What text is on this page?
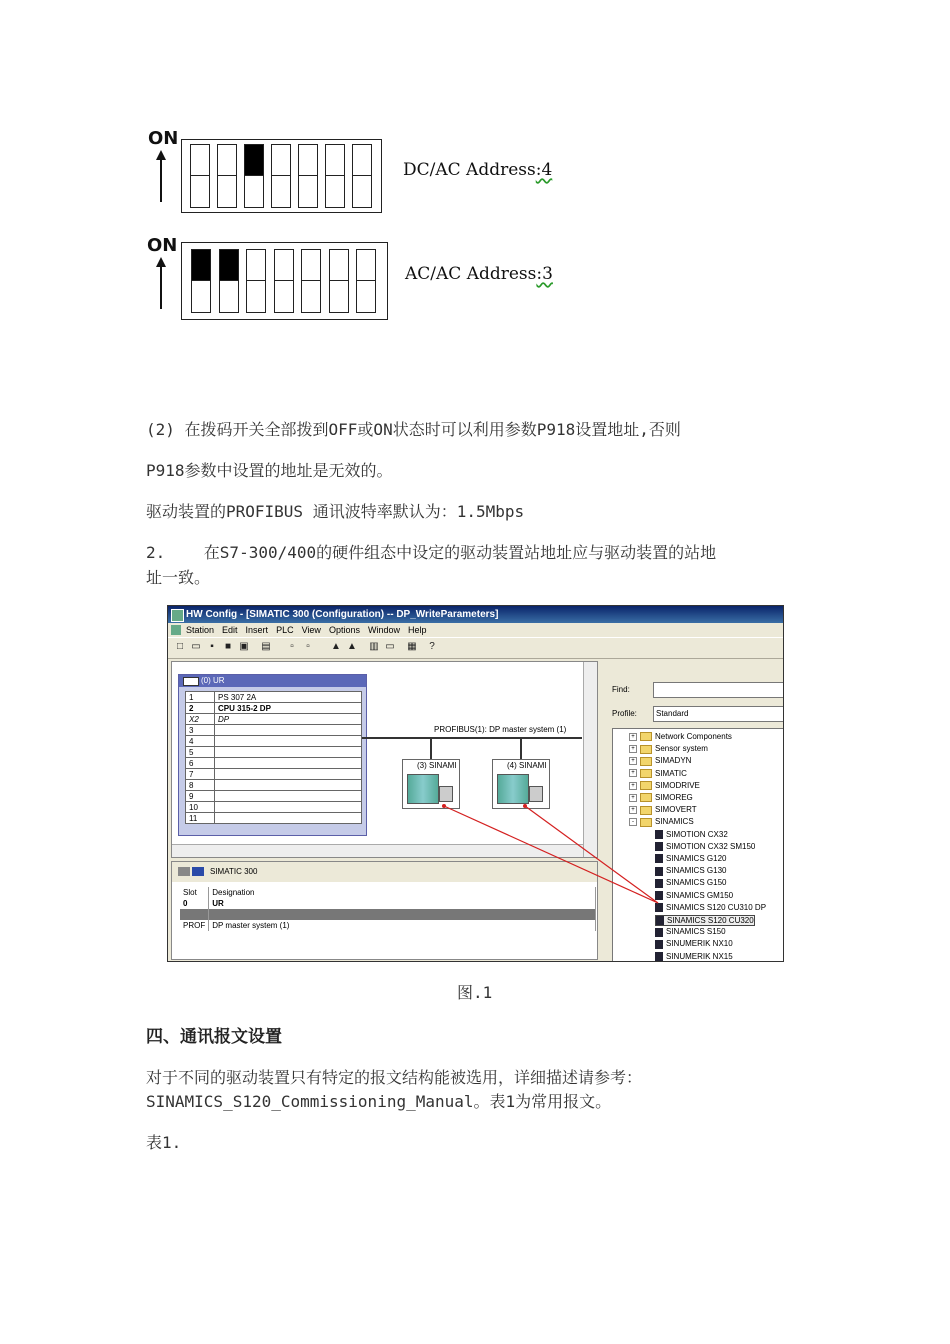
ON
DC/AC Address:4
ON
AC/AC Address:3
(2) 在拨码开关全部拨到OFF或ON状态时可以利用参数P918设置地址,否则
P918参数中设置的地址是无效的。
驱动装置的PROFIBUS 通讯波特率默认为：1.5Mbps
2.    在S7-300/400的硬件组态中设定的驱动装置站地址应与驱动装置的站地
址一致。
HW Config - [SIMATIC 300 (Configuration) -- DP_WriteParameters]
Station Edit Insert PLC View Options Window Help
□ ▭ ▪	■ ▣ ▤	▫	▫	▲ ▲ ▥ ▭ ▦	?
(0) UR
1	PS 307 2A
2	CPU 315-2 DP
X2	DP
3	
4	
5	
6	
7	
8	
9	
10	
11	
PROFIBUS(1): DP master system (1)
(3) SINAMI	(4) SINAMI
SIMATIC 300
Slot	Designation
0	UR

PROF	DP master system (1)
Find:
Profile:	Standard
+	Network Components
+	Sensor system
+	SIMADYN
+	SIMATIC
+	SIMODRIVE
+	SIMOREG
+	SIMOVERT
-	SINAMICS
SIMOTION CX32
SIMOTION CX32 SM150
SINAMICS G120
SINAMICS G130
SINAMICS G150
SINAMICS GM150
SINAMICS S120 CU310 DP
SINAMICS S120 CU320
SINAMICS S150
SINUMERIK NX10
SINUMERIK NX15
图.1
四、通讯报文设置
对于不同的驱动装置只有特定的报文结构能被选用，详细描述请参考：
SINAMICS_S120_Commissioning_Manual。表1为常用报文。
表1.
